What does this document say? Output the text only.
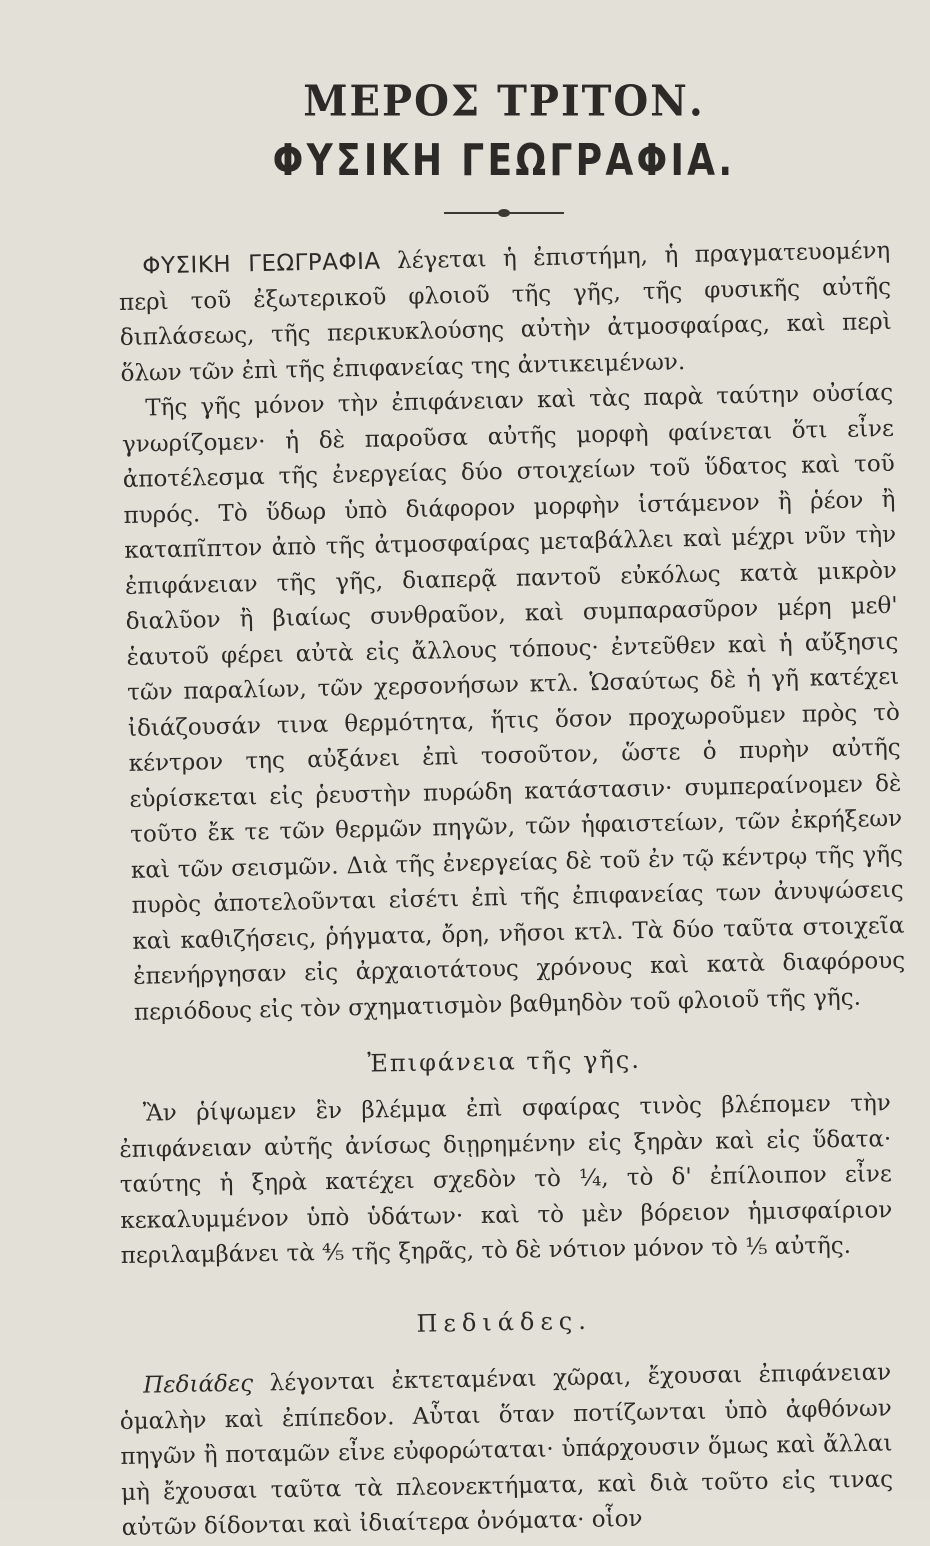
ΜΕΡΟΣ ΤΡΙΤΟΝ.
ΦΥΣΙΚΗ ΓΕΩΓΡΑΦΙΑ.

ΦΥΣΙΚΗ ΓΕΩΓΡΑΦΙΑ λέγεται ἡ ἐπιστήμη, ἡ πραγματευομένη περὶ τοῦ ἐξωτερικοῦ φλοιοῦ τῆς γῆς, τῆς φυσικῆς αὐτῆς διπλάσεως, τῆς περικυκλούσης αὐτὴν ἀτμοσφαίρας, καὶ περὶ ὅλων τῶν ἐπὶ τῆς ἐπιφανείας της ἀντικειμένων.

Τῆς γῆς μόνον τὴν ἐπιφάνειαν καὶ τὰς παρὰ ταύτην οὐσίας γνωρίζομεν· ἡ δὲ παροῦσα αὐτῆς μορφὴ φαίνεται ὅτι εἶνε ἀποτέλεσμα τῆς ἐνεργείας δύο στοιχείων τοῦ ὕδατος καὶ τοῦ πυρός. Τὸ ὕδωρ ὑπὸ διάφορον μορφὴν ἱστάμενον ἢ ῥέον ἢ καταπῖπτον ἀπὸ τῆς ἀτμοσφαίρας μεταβάλλει καὶ μέχρι νῦν τὴν ἐπιφάνειαν τῆς γῆς, διαπερᾷ παντοῦ εὐκόλως κατὰ μικρὸν διαλῦον ἢ βιαίως συνθραῦον, καὶ συμπαρασῦρον μέρη μεθ' ἑαυτοῦ φέρει αὐτὰ εἰς ἄλλους τόπους· ἐντεῦθεν καὶ ἡ αὔξησις τῶν παραλίων, τῶν χερσονήσων κτλ. Ὡσαύτως δὲ ἡ γῆ κατέχει ἰδιάζουσάν τινα θερμότητα, ἥτις ὅσον προχωροῦμεν πρὸς τὸ κέντρον της αὐξάνει ἐπὶ τοσοῦτον, ὥστε ὁ πυρὴν αὐτῆς εὑρίσκεται εἰς ῥευστὴν πυρώδη κατάστασιν· συμπεραίνομεν δὲ τοῦτο ἔκ τε τῶν θερμῶν πηγῶν, τῶν ἡφαιστείων, τῶν ἐκρήξεων καὶ τῶν σεισμῶν. Διὰ τῆς ἐνεργείας δὲ τοῦ ἐν τῷ κέντρῳ τῆς γῆς πυρὸς ἀποτελοῦνται εἰσέτι ἐπὶ τῆς ἐπιφανείας των ἀνυψώσεις καὶ καθιζήσεις, ῥήγματα, ὄρη, νῆσοι κτλ. Τὰ δύο ταῦτα στοιχεῖα ἐπενήργησαν εἰς ἀρχαιοτάτους χρόνους καὶ κατὰ διαφόρους περιόδους εἰς τὸν σχηματισμὸν βαθμηδὸν τοῦ φλοιοῦ τῆς γῆς.

Ἐπιφάνεια τῆς γῆς.

Ἂν ῥίψωμεν ἓν βλέμμα ἐπὶ σφαίρας τινὸς βλέπομεν τὴν ἐπιφάνειαν αὐτῆς ἀνίσως διῃρημένην εἰς ξηρὰν καὶ εἰς ὕδατα· ταύτης ἡ ξηρὰ κατέχει σχεδὸν τὸ ¼, τὸ δ' ἐπίλοιπον εἶνε κεκαλυμμένον ὑπὸ ὑδάτων· καὶ τὸ μὲν βόρειον ἡμισφαίριον περιλαμβάνει τὰ ⅘ τῆς ξηρᾶς, τὸ δὲ νότιον μόνον τὸ ⅕ αὐτῆς.

Πεδιάδες.

Πεδιάδες λέγονται ἐκτεταμέναι χῶραι, ἔχουσαι ἐπιφάνειαν ὁμαλὴν καὶ ἐπίπεδον. Αὗται ὅταν ποτίζωνται ὑπὸ ἀφθόνων πηγῶν ἢ ποταμῶν εἶνε εὐφορώταται· ὑπάρχουσιν ὅμως καὶ ἄλλαι μὴ ἔχουσαι ταῦτα τὰ πλεονεκτήματα, καὶ διὰ τοῦτο εἰς τινας αὐτῶν δίδονται καὶ ἰδιαίτερα ὀνόματα· οἷον
